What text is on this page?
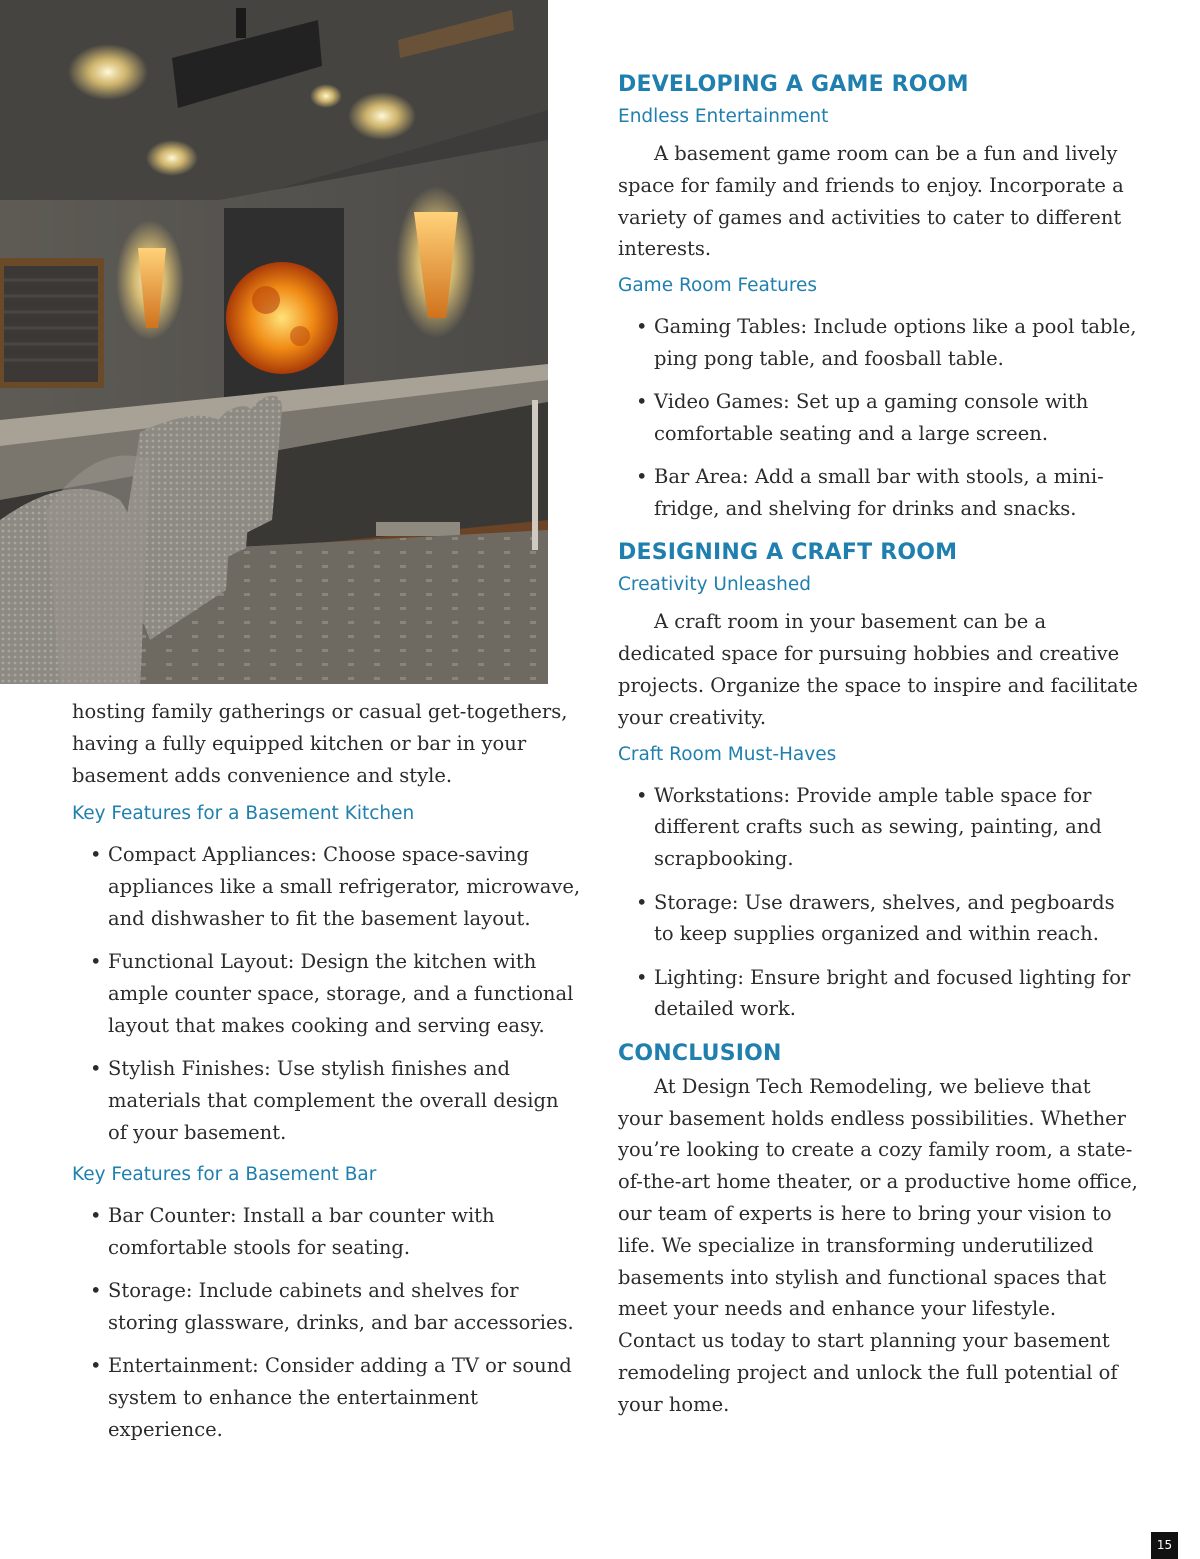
hosting family gatherings or casual get-togethers, having a fully equipped kitchen or bar in your basement adds convenience and style.

Key Features for a Basement Kitchen
• Compact Appliances: Choose space-saving appliances like a small refrigerator, microwave, and dishwasher to fit the basement layout.
• Functional Layout: Design the kitchen with ample counter space, storage, and a functional layout that makes cooking and serving easy.
• Stylish Finishes: Use stylish finishes and materials that complement the overall design of your basement.
Key Features for a Basement Bar
• Bar Counter: Install a bar counter with comfortable stools for seating.
• Storage: Include cabinets and shelves for storing glassware, drinks, and bar accessories.
• Entertainment: Consider adding a TV or sound system to enhance the entertainment experience.
DEVELOPING A GAME ROOM
Endless Entertainment

A basement game room can be a fun and lively space for family and friends to enjoy. Incorporate a variety of games and activities to cater to different interests.

Game Room Features
• Gaming Tables: Include options like a pool table, ping pong table, and foosball table.
• Video Games: Set up a gaming console with comfortable seating and a large screen.
• Bar Area: Add a small bar with stools, a mini-fridge, and shelving for drinks and snacks.
DESIGNING A CRAFT ROOM
Creativity Unleashed

A craft room in your basement can be a dedicated space for pursuing hobbies and creative projects. Organize the space to inspire and facilitate your creativity.

Craft Room Must-Haves
• Workstations: Provide ample table space for different crafts such as sewing, painting, and scrapbooking.
• Storage: Use drawers, shelves, and pegboards to keep supplies organized and within reach.
• Lighting: Ensure bright and focused lighting for detailed work.
CONCLUSION

At Design Tech Remodeling, we believe that your basement holds endless possibilities. Whether you’re looking to create a cozy family room, a state-of-the-art home theater, or a productive home office, our team of experts is here to bring your vision to life. We specialize in transforming underutilized basements into stylish and functional spaces that meet your needs and enhance your lifestyle. Contact us today to start planning your basement remodeling project and unlock the full potential of your home.

15
